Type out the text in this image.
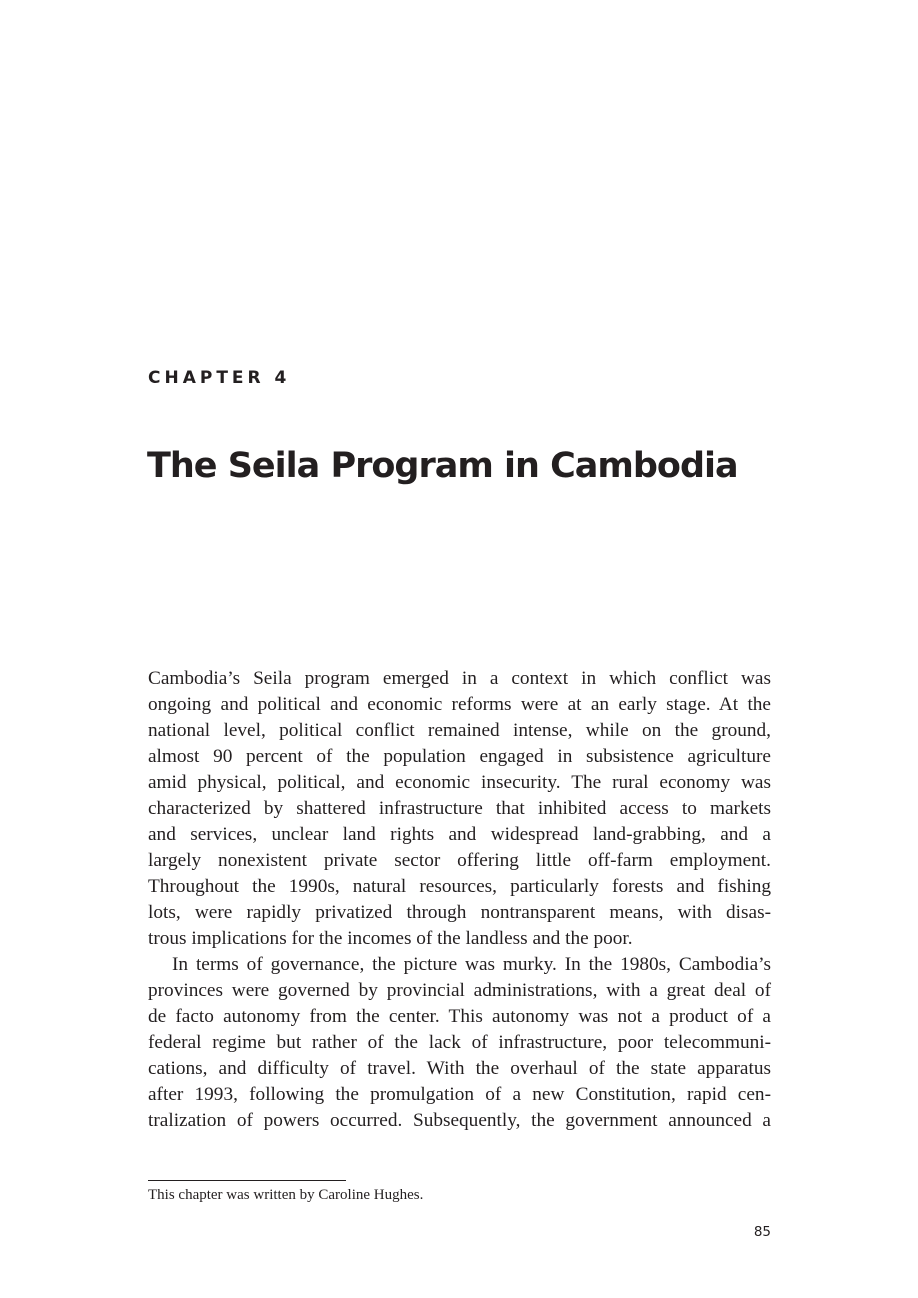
CHAPTER 4
The Seila Program in Cambodia
Cambodia’s Seila program emerged in a context in which conflict was
ongoing and political and economic reforms were at an early stage. At the
national level, political conflict remained intense, while on the ground,
almost 90 percent of the population engaged in subsistence agriculture
amid physical, political, and economic insecurity. The rural economy was
characterized by shattered infrastructure that inhibited access to markets
and services, unclear land rights and widespread land-grabbing, and a
largely nonexistent private sector offering little off-farm employment.
Throughout the 1990s, natural resources, particularly forests and fishing
lots, were rapidly privatized through nontransparent means, with disas-
trous implications for the incomes of the landless and the poor.
In terms of governance, the picture was murky. In the 1980s, Cambodia’s
provinces were governed by provincial administrations, with a great deal of
de facto autonomy from the center. This autonomy was not a product of a
federal regime but rather of the lack of infrastructure, poor telecommuni-
cations, and difficulty of travel. With the overhaul of the state apparatus
after 1993, following the promulgation of a new Constitution, rapid cen-
tralization of powers occurred. Subsequently, the government announced a
This chapter was written by Caroline Hughes.
85
